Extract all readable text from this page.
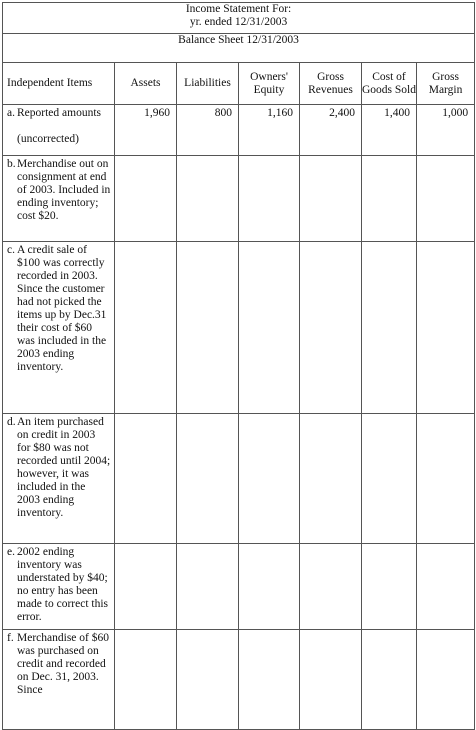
Income Statement For:
yr. ended 12/31/2003						

Balance Sheet 12/31/2003						

Independent Items	Assets	Liabilities	Owners' Equity	Gross Revenues	Cost of Goods Sold	Gross Margin

a. Reported amounts
(uncorrected)	1,960	800	1,160	2,400	1,400	1,000

b. Merchandise out on consignment at end of 2003. Included in ending inventory; cost $20.						

c. A credit sale of $100 was correctly recorded in 2003. Since the customer had not picked the items up by Dec.31 their cost of $60 was included in the 2003 ending inventory.						

d. An item purchased on credit in 2003 for $80 was not recorded until 2004; however, it was included in the 2003 ending inventory.						

e. 2002 ending inventory was understated by $40; no entry has been made to correct this error.						

f. Merchandise of $60 was purchased on credit and recorded on Dec. 31, 2003. Since						
